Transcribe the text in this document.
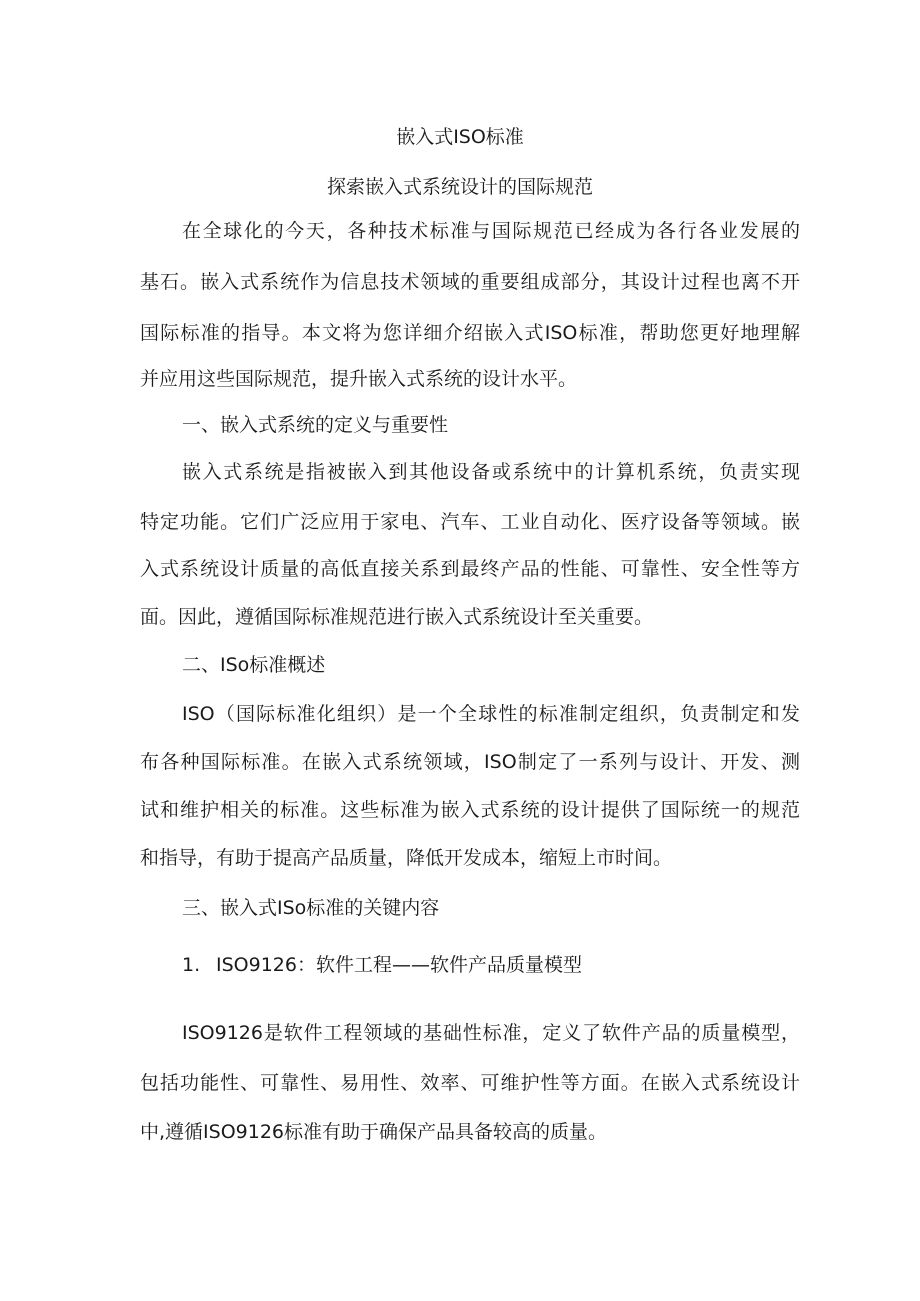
嵌入式ISO标准
探索嵌入式系统设计的国际规范
在全球化的今天，各种技术标准与国际规范已经成为各行各业发展的
基石。嵌入式系统作为信息技术领域的重要组成部分，其设计过程也离不开
国际标准的指导。本文将为您详细介绍嵌入式ISO标准，帮助您更好地理解
并应用这些国际规范，提升嵌入式系统的设计水平。
一、嵌入式系统的定义与重要性
嵌入式系统是指被嵌入到其他设备或系统中的计算机系统，负责实现
特定功能。它们广泛应用于家电、汽车、工业自动化、医疗设备等领域。嵌
入式系统设计质量的高低直接关系到最终产品的性能、可靠性、安全性等方
面。因此，遵循国际标准规范进行嵌入式系统设计至关重要。
二、ISo标准概述
ISO（国际标准化组织）是一个全球性的标准制定组织，负责制定和发
布各种国际标准。在嵌入式系统领域，ISO制定了一系列与设计、开发、测
试和维护相关的标准。这些标准为嵌入式系统的设计提供了国际统一的规范
和指导，有助于提高产品质量，降低开发成本，缩短上市时间。
三、嵌入式ISo标准的关键内容
1. ISO9126：软件工程——软件产品质量模型
ISO9126是软件工程领域的基础性标准，定义了软件产品的质量模型，
包括功能性、可靠性、易用性、效率、可维护性等方面。在嵌入式系统设计
中,遵循ISO9126标准有助于确保产品具备较高的质量。
